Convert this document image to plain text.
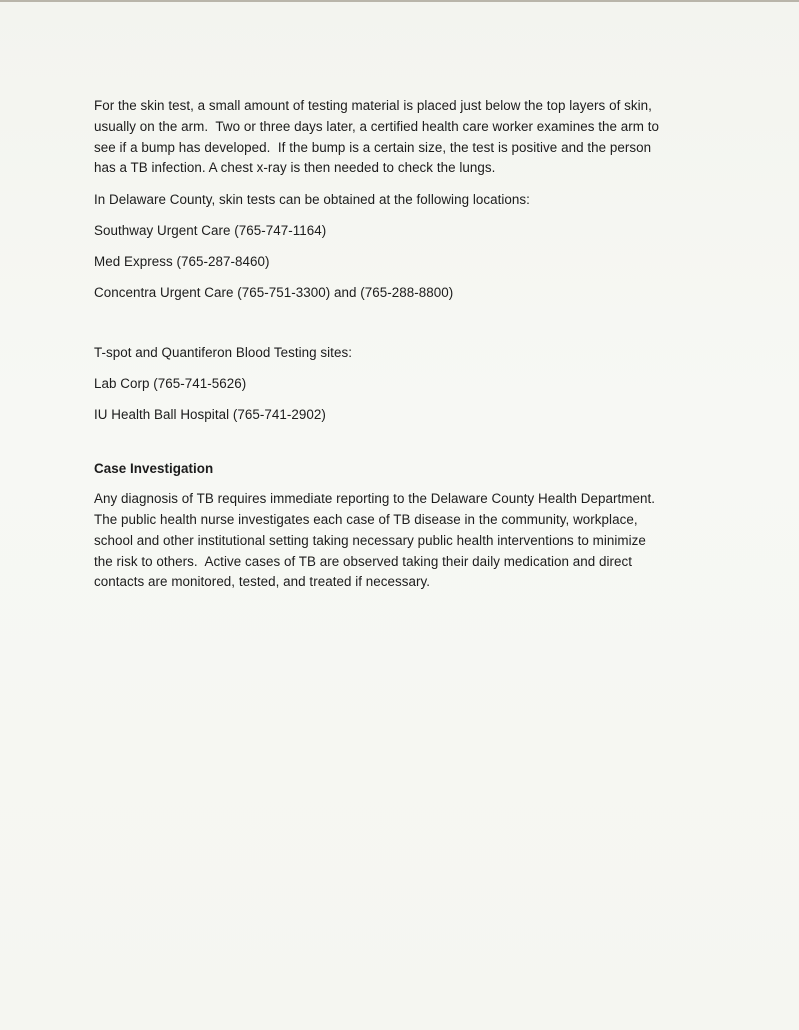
For the skin test, a small amount of testing material is placed just below the top layers of skin,
usually on the arm.  Two or three days later, a certified health care worker examines the arm to
see if a bump has developed.  If the bump is a certain size, the test is positive and the person
has a TB infection. A chest x-ray is then needed to check the lungs.

In Delaware County, skin tests can be obtained at the following locations:

Southway Urgent Care (765-747-1164)

Med Express (765-287-8460)

Concentra Urgent Care (765-751-3300) and (765-288-8800)

T-spot and Quantiferon Blood Testing sites:

Lab Corp (765-741-5626)

IU Health Ball Hospital (765-741-2902)

Case Investigation

Any diagnosis of TB requires immediate reporting to the Delaware County Health Department.
The public health nurse investigates each case of TB disease in the community, workplace,
school and other institutional setting taking necessary public health interventions to minimize
the risk to others.  Active cases of TB are observed taking their daily medication and direct
contacts are monitored, tested, and treated if necessary.
